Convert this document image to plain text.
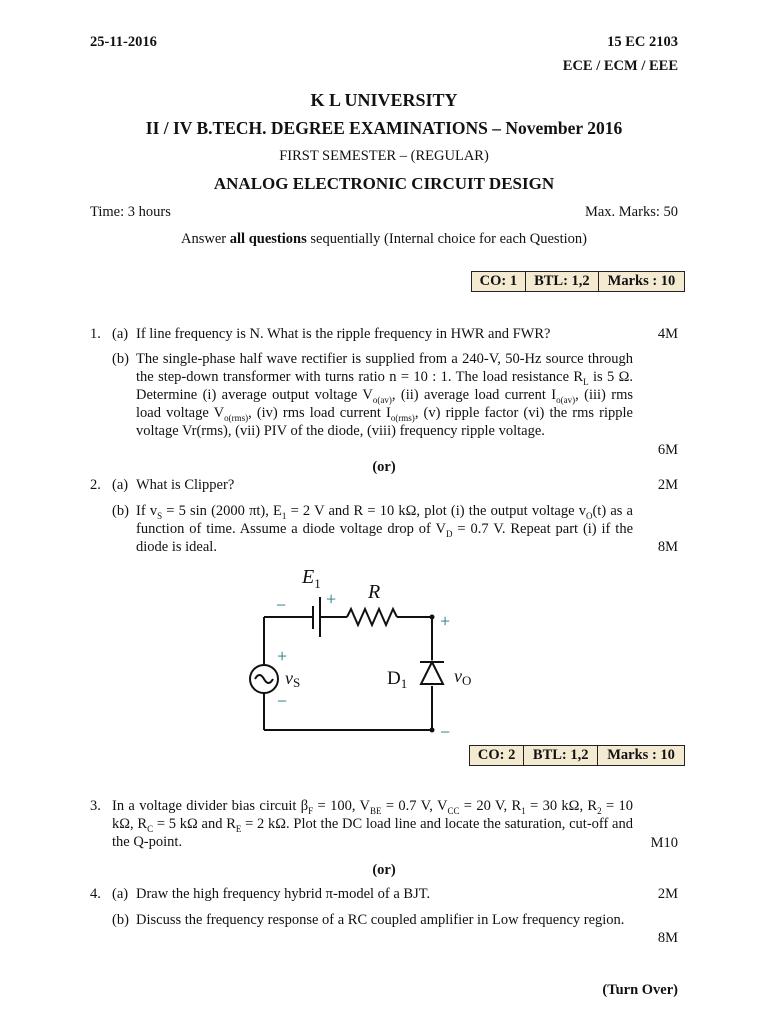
25-11-2016	15 EC 2103
ECE / ECM / EEE
K L UNIVERSITY
II / IV B.TECH. DEGREE EXAMINATIONS – November 2016
FIRST SEMESTER – (REGULAR)
ANALOG ELECTRONIC CIRCUIT DESIGN
Time: 3 hours	Max. Marks: 50
Answer all questions sequentially (Internal choice for each Question)
CO: 1	BTL: 1,2	Marks : 10
1. (a) If line frequency is N. What is the ripple frequency in HWR and FWR?	4M
(b) The single-phase half wave rectifier is supplied from a 240-V, 50-Hz source through the step-down transformer with turns ratio n = 10 : 1. The load resistance $R_L$ is 5 Ω. Determine (i) average output voltage $V_{o(av)}$, (ii) average load current $I_{o(av)}$, (iii) rms load voltage $V_{o(rms)}$, (iv) rms load current $I_{o(rms)}$, (v) ripple factor (vi) the rms ripple voltage Vr(rms), (vii) PIV of the diode, (viii) frequency ripple voltage.
6M
(or)
2. (a) What is Clipper?	2M
(b) If $v_S = 5$ sin (2000 πt), $E_1 = 2$ V and R = 10 kΩ, plot (i) the output voltage $v_O(t)$ as a function of time. Assume a diode voltage drop of $V_D = 0.7$ V. Repeat part (i) if the diode is ideal.	8M
$E_1$ R
− +
+
+
−
−
vS	$D_1$	vO
CO: 2	BTL: 1,2	Marks : 10
3. In a voltage divider bias circuit $\beta_F = 100$, $V_{BE} = 0.7$ V, $V_{CC} = 20$ V, $R_1 = 30$ kΩ, $R_2 = 10$ kΩ, $R_C = 5$ kΩ and $R_E = 2$ kΩ. Plot the DC load line and locate the saturation, cut-off and the Q-point.	M10
(or)
4. (a) Draw the high frequency hybrid π-model of a BJT.	2M
(b) Discuss the frequency response of a RC coupled amplifier in Low frequency region.
8M
(Turn Over)
